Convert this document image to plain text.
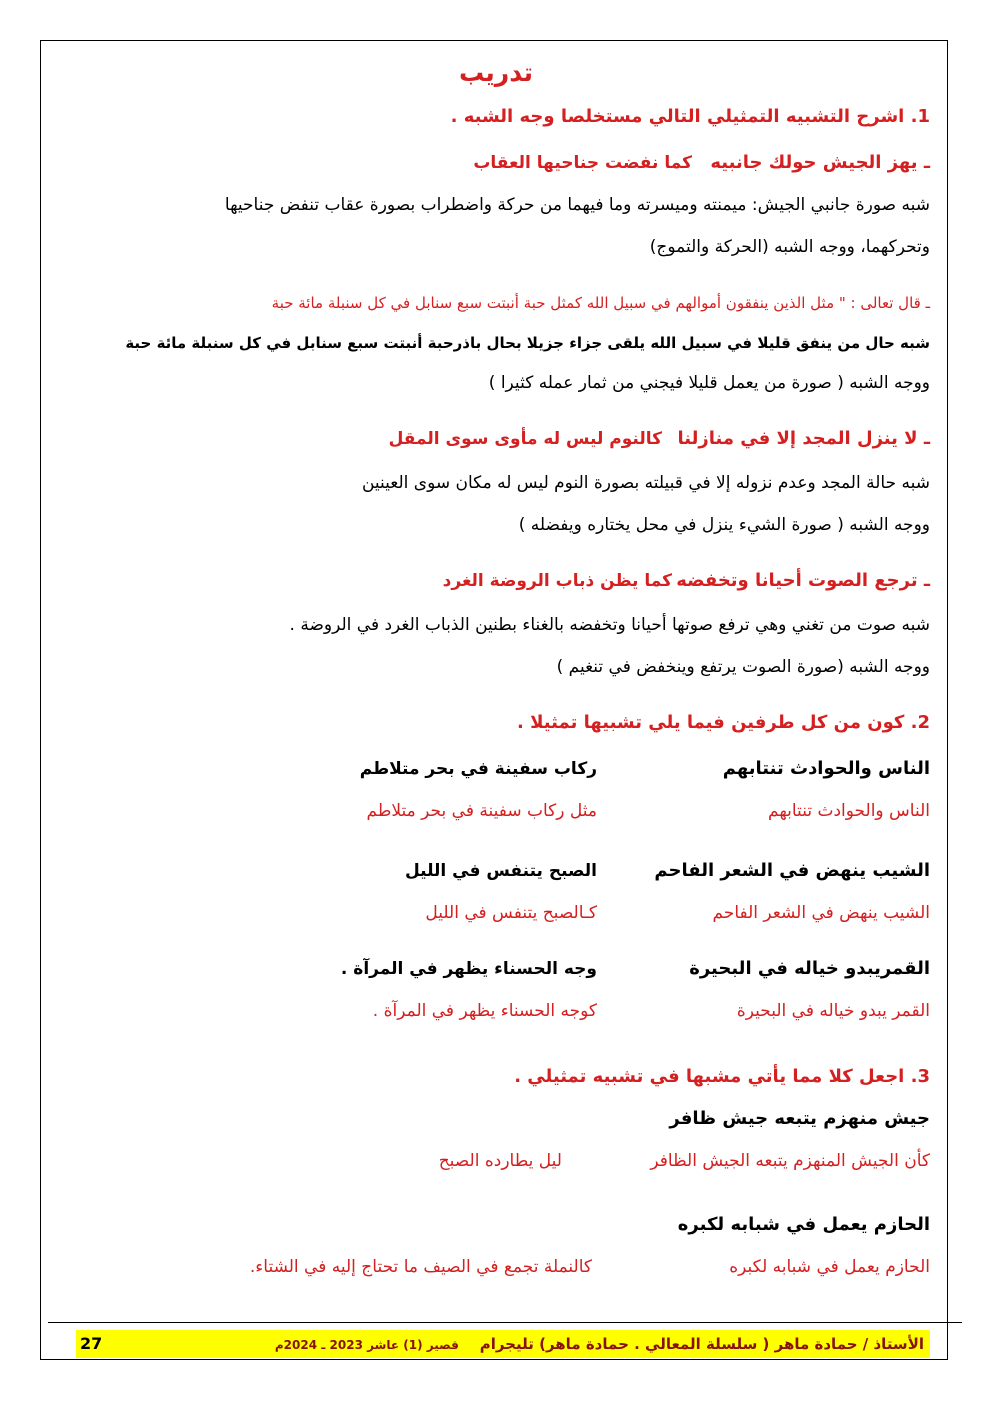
تدريب
1. اشرح التشبيه التمثيلي التالي مستخلصا وجه الشبه .
ـ يهز الجيش حولك جانبيه
كما نفضت جناحيها العقاب
شبه صورة جانبي الجيش: ميمنته وميسرته وما فيهما من حركة واضطراب بصورة عقاب تنفض جناحيها
وتحركهما، ووجه الشبه (الحركة والتموج)
ـ قال تعالى : " مثل الذين ينفقون أموالهم في سبيل الله كمثل حبة أنبتت سبع سنابل في كل سنبلة مائة حبة
شبه حال من ينفق قليلا في سبيل الله يلقى جزاء جزيلا بحال باذرحبة أنبتت سبع سنابل في كل سنبلة مائة حبة
ووجه الشبه ( صورة من يعمل قليلا فيجني من ثمار عمله كثيرا )
ـ لا ينزل المجد إلا في منازلنا
كالنوم ليس له مأوى سوى المقل
شبه حالة المجد وعدم نزوله إلا في قبيلته بصورة النوم ليس له مكان سوى العينين
ووجه الشبه ( صورة الشيء ينزل في محل يختاره ويفضله )
ـ ترجع الصوت أحيانا وتخفضه
كما يظن ذباب الروضة الغرد
شبه صوت من تغني وهي ترفع صوتها أحيانا وتخفضه بالغناء بطنين الذباب الغرد في الروضة .
ووجه الشبه (صورة الصوت يرتفع وينخفض في تنغيم )
2. كون من كل طرفين فيما يلي تشبيها تمثيلا .
الناس والحوادث تنتابهم
ركاب سفينة في بحر متلاطم
الناس والحوادث تنتابهم
مثل ركاب سفينة في بحر متلاطم
الشيب ينهض في الشعر الفاحم
الصبح يتنفس في الليل
الشيب ينهض في الشعر الفاحم
كـالصبح يتنفس في الليل
القمريبدو خياله في البحيرة
وجه الحسناء يظهر في المرآة .
القمر يبدو خياله في البحيرة
كوجه الحسناء يظهر في المرآة .
3. اجعل كلا مما يأتي مشبها في تشبيه تمثيلي .
جيش منهزم يتبعه جيش ظافر
كأن الجيش المنهزم يتبعه الجيش الظافر
ليل يطارده الصبح
الحازم يعمل في شبابه لكبره
الحازم يعمل في شبابه لكبره
كالنملة تجمع في الصيف ما تحتاج إليه في الشتاء.
الأستاذ / حمادة ماهر ( سلسلة المعالي . حمادة ماهر) تليجرام    قصير (1) عاشر 2023 ـ 2024م
27
